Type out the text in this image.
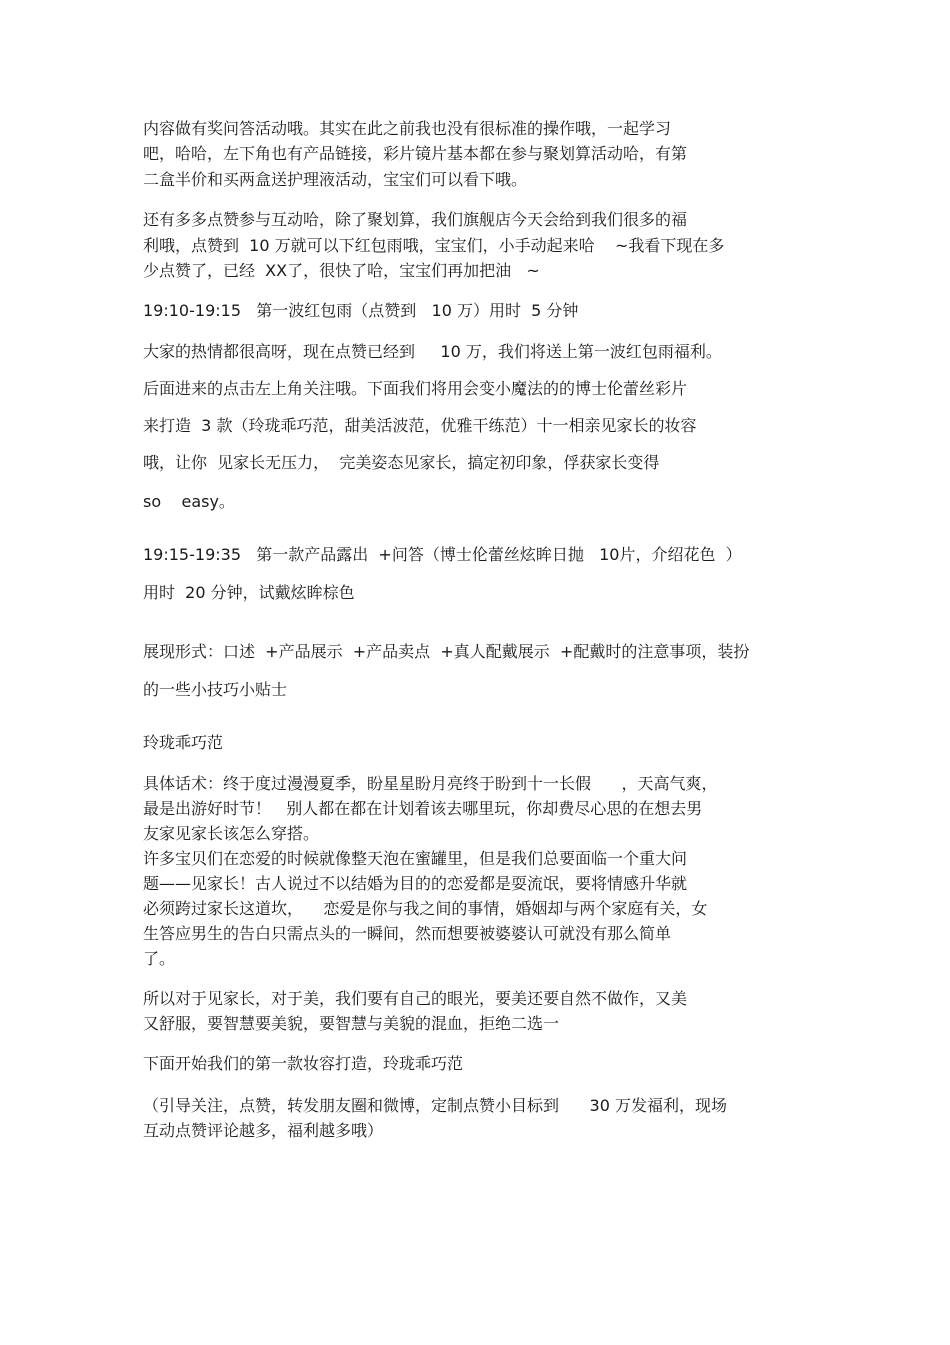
内容做有奖问答活动哦。其实在此之前我也没有很标准的操作哦，一起学习
吧，哈哈，左下角也有产品链接，彩片镜片基本都在参与聚划算活动哈，有第
二盒半价和买两盒送护理液活动，宝宝们可以看下哦。
还有多多点赞参与互动哈，除了聚划算，我们旗舰店今天会给到我们很多的福
利哦，点赞到  10 万就可以下红包雨哦，宝宝们，小手动起来哈    ~我看下现在多
少点赞了，已经  XX了，很快了哈，宝宝们再加把油   ~
19:10-19:15   第一波红包雨（点赞到   10 万）用时  5 分钟
大家的热情都很高呀，现在点赞已经到     10 万，我们将送上第一波红包雨福利。
后面进来的点击左上角关注哦。下面我们将用会变小魔法的的博士伦蕾丝彩片
来打造  3 款（玲珑乖巧范，甜美活波范，优雅干练范）十一相亲见家长的妆容
哦，让你  见家长无压力，  完美姿态见家长，搞定初印象，俘获家长变得
so    easy。
19:15-19:35   第一款产品露出  +问答（博士伦蕾丝炫眸日抛   10片，介绍花色  ）
用时  20 分钟，试戴炫眸棕色
展现形式：口述  +产品展示  +产品卖点  +真人配戴展示  +配戴时的注意事项，装扮
的一些小技巧小贴士
玲珑乖巧范
具体话术：终于度过漫漫夏季，盼星星盼月亮终于盼到十一长假      ，天高气爽，
最是出游好时节！   别人都在都在计划着该去哪里玩，你却费尽心思的在想去男
友家见家长该怎么穿搭。
许多宝贝们在恋爱的时候就像整天泡在蜜罐里，但是我们总要面临一个重大问
题——见家长！古人说过不以结婚为目的的恋爱都是耍流氓，要将情感升华就
必须跨过家长这道坎，    恋爱是你与我之间的事情，婚姻却与两个家庭有关，女
生答应男生的告白只需点头的一瞬间，然而想要被婆婆认可就没有那么简单
了。
所以对于见家长，对于美，我们要有自己的眼光，要美还要自然不做作，又美
又舒服，要智慧要美貌，要智慧与美貌的混血，拒绝二选一
下面开始我们的第一款妆容打造，玲珑乖巧范
（引导关注，点赞，转发朋友圈和微博，定制点赞小目标到      30 万发福利，现场
互动点赞评论越多，福利越多哦）
